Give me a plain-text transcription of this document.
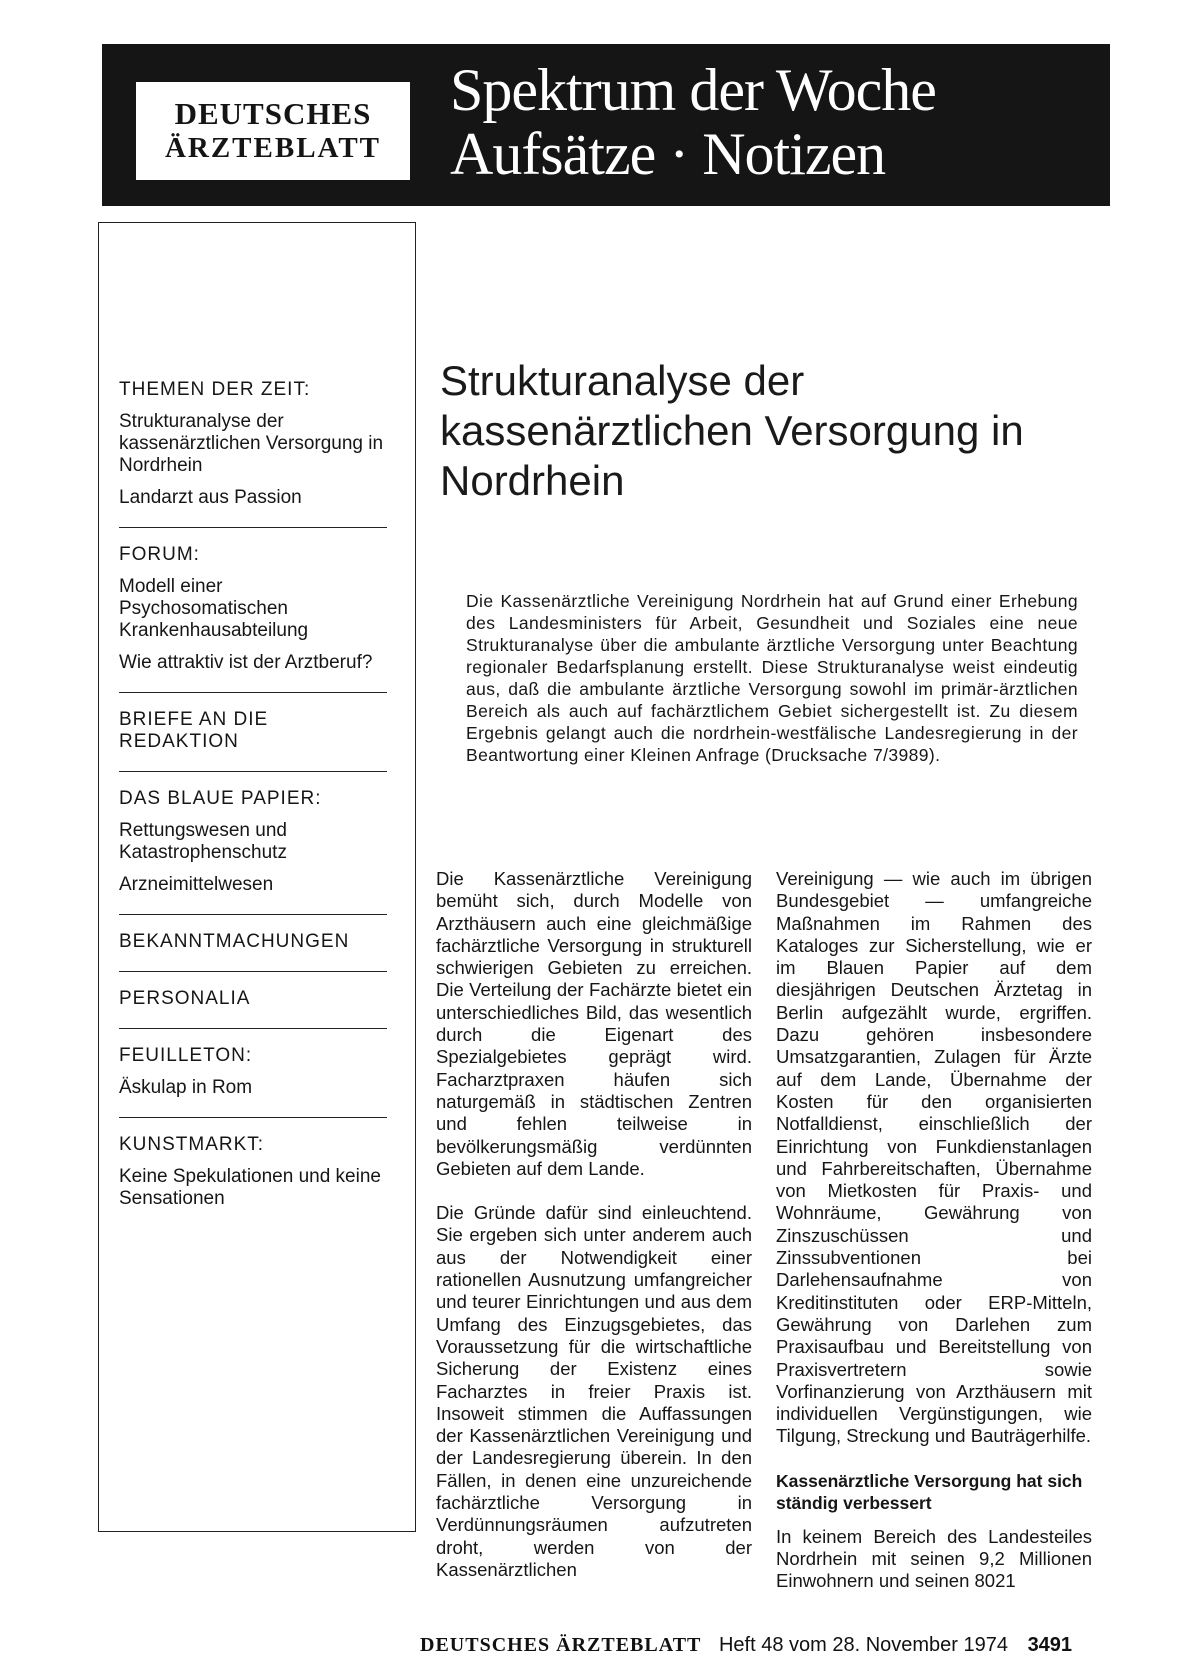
DEUTSCHES
ÄRZTEBLATT
Spektrum der Woche
Aufsätze · Notizen
THEMEN DER ZEIT:
Strukturanalyse der kassenärztlichen Versorgung in Nordrhein
Landarzt aus Passion
FORUM:
Modell einer Psychosomatischen Krankenhausabteilung
Wie attraktiv ist der Arztberuf?
BRIEFE AN DIE REDAKTION
DAS BLAUE PAPIER:
Rettungswesen und Katastrophenschutz
Arzneimittelwesen
BEKANNTMACHUNGEN
PERSONALIA
FEUILLETON:
Äskulap in Rom
KUNSTMARKT:
Keine Spekulationen und keine Sensationen
Strukturanalyse der kassenärztlichen Versorgung in Nordrhein
Die Kassenärztliche Vereinigung Nordrhein hat auf Grund einer Erhebung des Landesministers für Arbeit, Gesundheit und Soziales eine neue Strukturanalyse über die ambulante ärztliche Versorgung unter Beachtung regionaler Bedarfsplanung erstellt. Diese Strukturanalyse weist eindeutig aus, daß die ambulante ärztliche Versorgung sowohl im primär-ärztlichen Bereich als auch auf fachärztlichem Gebiet sichergestellt ist. Zu diesem Ergebnis gelangt auch die nordrhein-westfälische Landesregierung in der Beantwortung einer Kleinen Anfrage (Drucksache 7/3989).

Die Kassenärztliche Vereinigung bemüht sich, durch Modelle von Arzthäusern auch eine gleichmäßige fachärztliche Versorgung in strukturell schwierigen Gebieten zu erreichen. Die Verteilung der Fachärzte bietet ein unterschiedliches Bild, das wesentlich durch die Eigenart des Spezialgebietes geprägt wird. Facharztpraxen häufen sich naturgemäß in städtischen Zentren und fehlen teilweise in bevölkerungsmäßig verdünnten Gebieten auf dem Lande.

Die Gründe dafür sind einleuchtend. Sie ergeben sich unter anderem auch aus der Notwendigkeit einer rationellen Ausnutzung umfangreicher und teurer Einrichtungen und aus dem Umfang des Einzugsgebietes, das Voraussetzung für die wirtschaftliche Sicherung der Existenz eines Facharztes in freier Praxis ist. Insoweit stimmen die Auffassungen der Kassenärztlichen Vereinigung und der Landesregierung überein. In den Fällen, in denen eine unzureichende fachärztliche Versorgung in Verdünnungsräumen aufzutreten droht, werden von der Kassenärztlichen

Vereinigung — wie auch im übrigen Bundesgebiet — umfangreiche Maßnahmen im Rahmen des Kataloges zur Sicherstellung, wie er im Blauen Papier auf dem diesjährigen Deutschen Ärztetag in Berlin aufgezählt wurde, ergriffen. Dazu gehören insbesondere Umsatzgarantien, Zulagen für Ärzte auf dem Lande, Übernahme der Kosten für den organisierten Notfalldienst, einschließlich der Einrichtung von Funkdienstanlagen und Fahrbereitschaften, Übernahme von Mietkosten für Praxis- und Wohnräume, Gewährung von Zinszuschüssen und Zinssubventionen bei Darlehensaufnahme von Kreditinstituten oder ERP-Mitteln, Gewährung von Darlehen zum Praxisaufbau und Bereitstellung von Praxisvertretern sowie Vorfinanzierung von Arzthäusern mit individuellen Vergünstigungen, wie Tilgung, Streckung und Bauträgerhilfe.

Kassenärztliche Versorgung hat sich ständig verbessert

In keinem Bereich des Landesteiles Nordrhein mit seinen 9,2 Millionen Einwohnern und seinen 8021

DEUTSCHES ÄRZTEBLATT Heft 48 vom 28. November 1974 3491
